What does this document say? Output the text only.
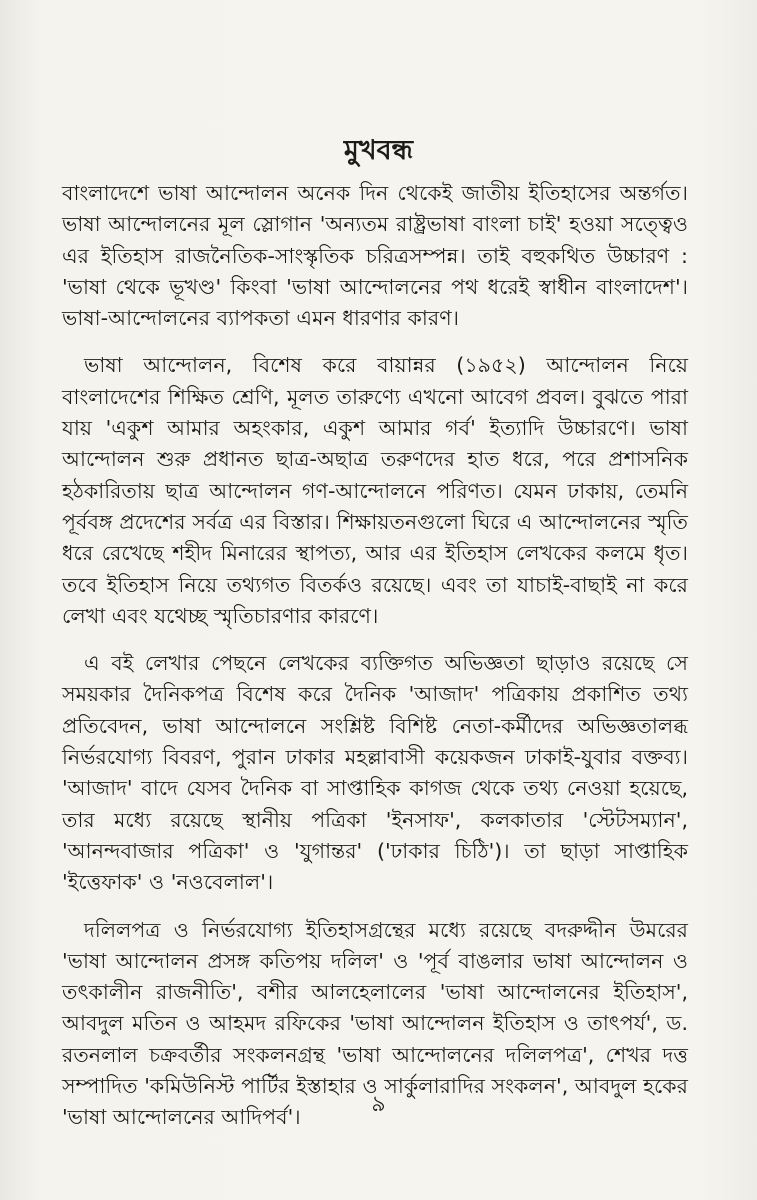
মুখবন্ধ

বাংলাদেশে ভাষা আন্দোলন অনেক দিন থেকেই জাতীয় ইতিহাসের অন্তর্গত। ভাষা আন্দোলনের মূল স্লোগান 'অন্যতম রাষ্ট্রভাষা বাংলা চাই' হওয়া সত্ত্বেও এর ইতিহাস রাজনৈতিক-সাংস্কৃতিক চরিত্রসম্পন্ন। তাই বহুকথিত উচ্চারণ : 'ভাষা থেকে ভূখণ্ড' কিংবা 'ভাষা আন্দোলনের পথ ধরেই স্বাধীন বাংলাদেশ'। ভাষা-আন্দোলনের ব্যাপকতা এমন ধারণার কারণ।

ভাষা আন্দোলন, বিশেষ করে বায়ান্নর (১৯৫২) আন্দোলন নিয়ে বাংলাদেশের শিক্ষিত শ্রেণি, মূলত তারুণ্যে এখনো আবেগ প্রবল। বুঝতে পারা যায় 'একুশ আমার অহংকার, একুশ আমার গর্ব' ইত্যাদি উচ্চারণে। ভাষা আন্দোলন শুরু প্রধানত ছাত্র-অছাত্র তরুণদের হাত ধরে, পরে প্রশাসনিক হঠকারিতায় ছাত্র আন্দোলন গণ-আন্দোলনে পরিণত। যেমন ঢাকায়, তেমনি পূর্ববঙ্গ প্রদেশের সর্বত্র এর বিস্তার। শিক্ষায়তনগুলো ঘিরে এ আন্দোলনের স্মৃতি ধরে রেখেছে শহীদ মিনারের স্থাপত্য, আর এর ইতিহাস লেখকের কলমে ধৃত। তবে ইতিহাস নিয়ে তথ্যগত বিতর্কও রয়েছে। এবং তা যাচাই-বাছাই না করে লেখা এবং যথেচ্ছ স্মৃতিচারণার কারণে।

এ বই লেখার পেছনে লেখকের ব্যক্তিগত অভিজ্ঞতা ছাড়াও রয়েছে সে সময়কার দৈনিকপত্র বিশেষ করে দৈনিক 'আজাদ' পত্রিকায় প্রকাশিত তথ্য প্রতিবেদন, ভাষা আন্দোলনে সংশ্লিষ্ট বিশিষ্ট নেতা-কর্মীদের অভিজ্ঞতালব্ধ নির্ভরযোগ্য বিবরণ, পুরান ঢাকার মহল্লাবাসী কয়েকজন ঢাকাই-যুবার বক্তব্য। 'আজাদ' বাদে যেসব দৈনিক বা সাপ্তাহিক কাগজ থেকে তথ্য নেওয়া হয়েছে, তার মধ্যে রয়েছে স্থানীয় পত্রিকা 'ইনসাফ', কলকাতার 'স্টেটসম্যান', 'আনন্দবাজার পত্রিকা' ও 'যুগান্তর' ('ঢাকার চিঠি')। তা ছাড়া সাপ্তাহিক 'ইত্তেফাক' ও 'নওবেলাল'।

দলিলপত্র ও নির্ভরযোগ্য ইতিহাসগ্রন্থের মধ্যে রয়েছে বদরুদ্দীন উমরের 'ভাষা আন্দোলন প্রসঙ্গ কতিপয় দলিল' ও 'পূর্ব বাঙলার ভাষা আন্দোলন ও তৎকালীন রাজনীতি', বশীর আলহেলালের 'ভাষা আন্দোলনের ইতিহাস', আবদুল মতিন ও আহমদ রফিকের 'ভাষা আন্দোলন ইতিহাস ও তাৎপর্য', ড. রতনলাল চক্রবর্তীর সংকলনগ্রন্থ 'ভাষা আন্দোলনের দলিলপত্র', শেখর দত্ত সম্পাদিত 'কমিউনিস্ট পার্টির ইস্তাহার ও সার্কুলারাদির সংকলন', আবদুল হকের 'ভাষা আন্দোলনের আদিপর্ব'।

৯
